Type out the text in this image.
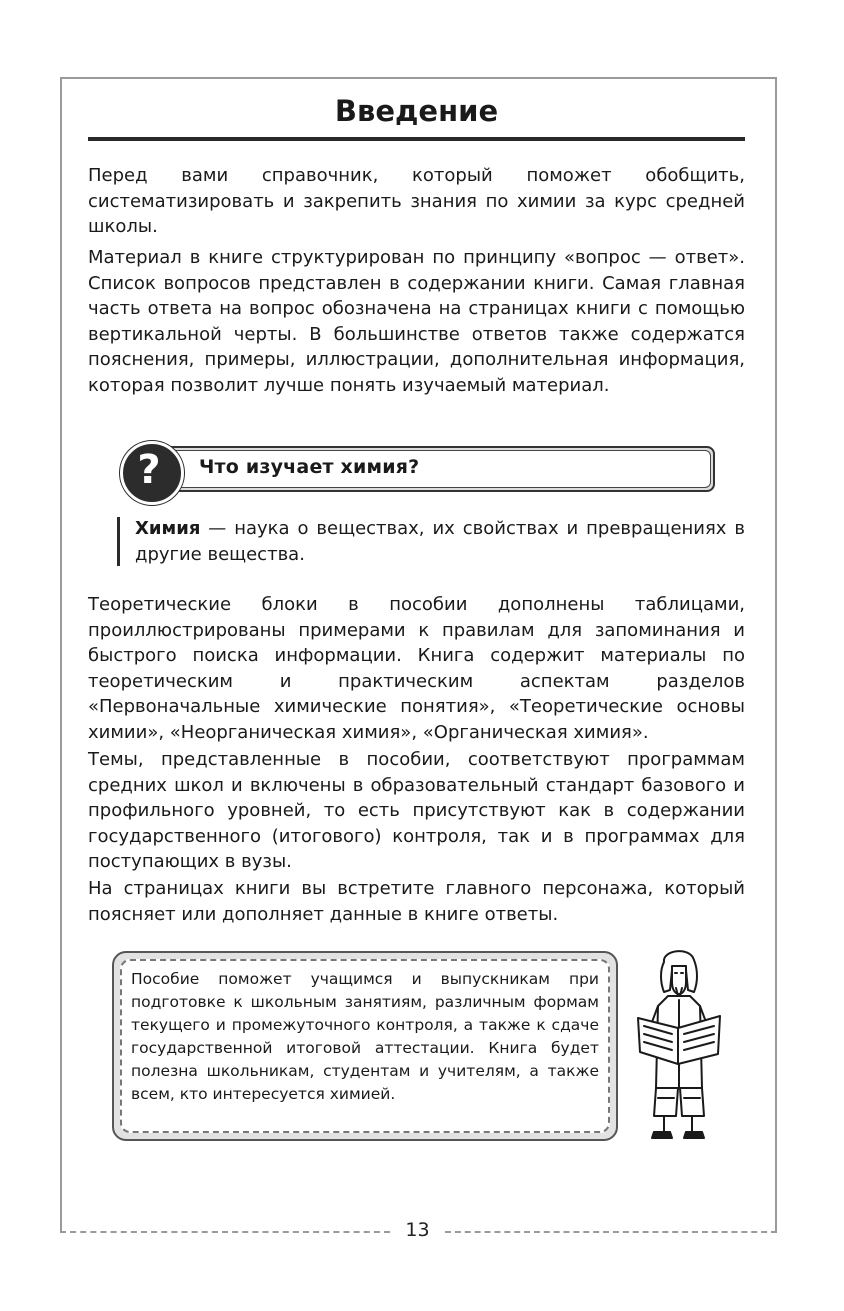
13
Введение

Перед вами справочник, который поможет обобщить, систематизировать и закрепить знания по химии за курс средней школы.

Материал в книге структурирован по принципу «вопрос — ответ». Список вопросов представлен в содержании книги. Самая главная часть ответа на вопрос обозначена на страницах книги с помощью вертикальной черты. В большинстве ответов также содержатся пояснения, примеры, иллюстрации, дополнительная информация, которая позволит лучше понять изучаемый материал.

?	Что изучает химия?

Химия — наука о веществах, их свойствах и превращениях в другие вещества.

Теоретические блоки в пособии дополнены таблицами, проиллюстрированы примерами к правилам для запоминания и быстрого поиска информации. Книга содержит материалы по теоретическим и практическим аспектам разделов «Первоначальные химические понятия», «Теоретические основы химии», «Неорганическая химия», «Органическая химия».

Темы, представленные в пособии, соответствуют программам средних школ и включены в образовательный стандарт базового и профильного уровней, то есть присутствуют как в содержании государственного (итогового) контроля, так и в программах для поступающих в вузы.

На страницах книги вы встретите главного персонажа, который поясняет или дополняет данные в книге ответы.

Пособие поможет учащимся и выпускникам при подготовке к школьным занятиям, различным формам текущего и промежуточного контроля, а также к сдаче государственной итоговой аттестации. Книга будет полезна школьникам, студентам и учителям, а также всем, кто интересуется химией.
